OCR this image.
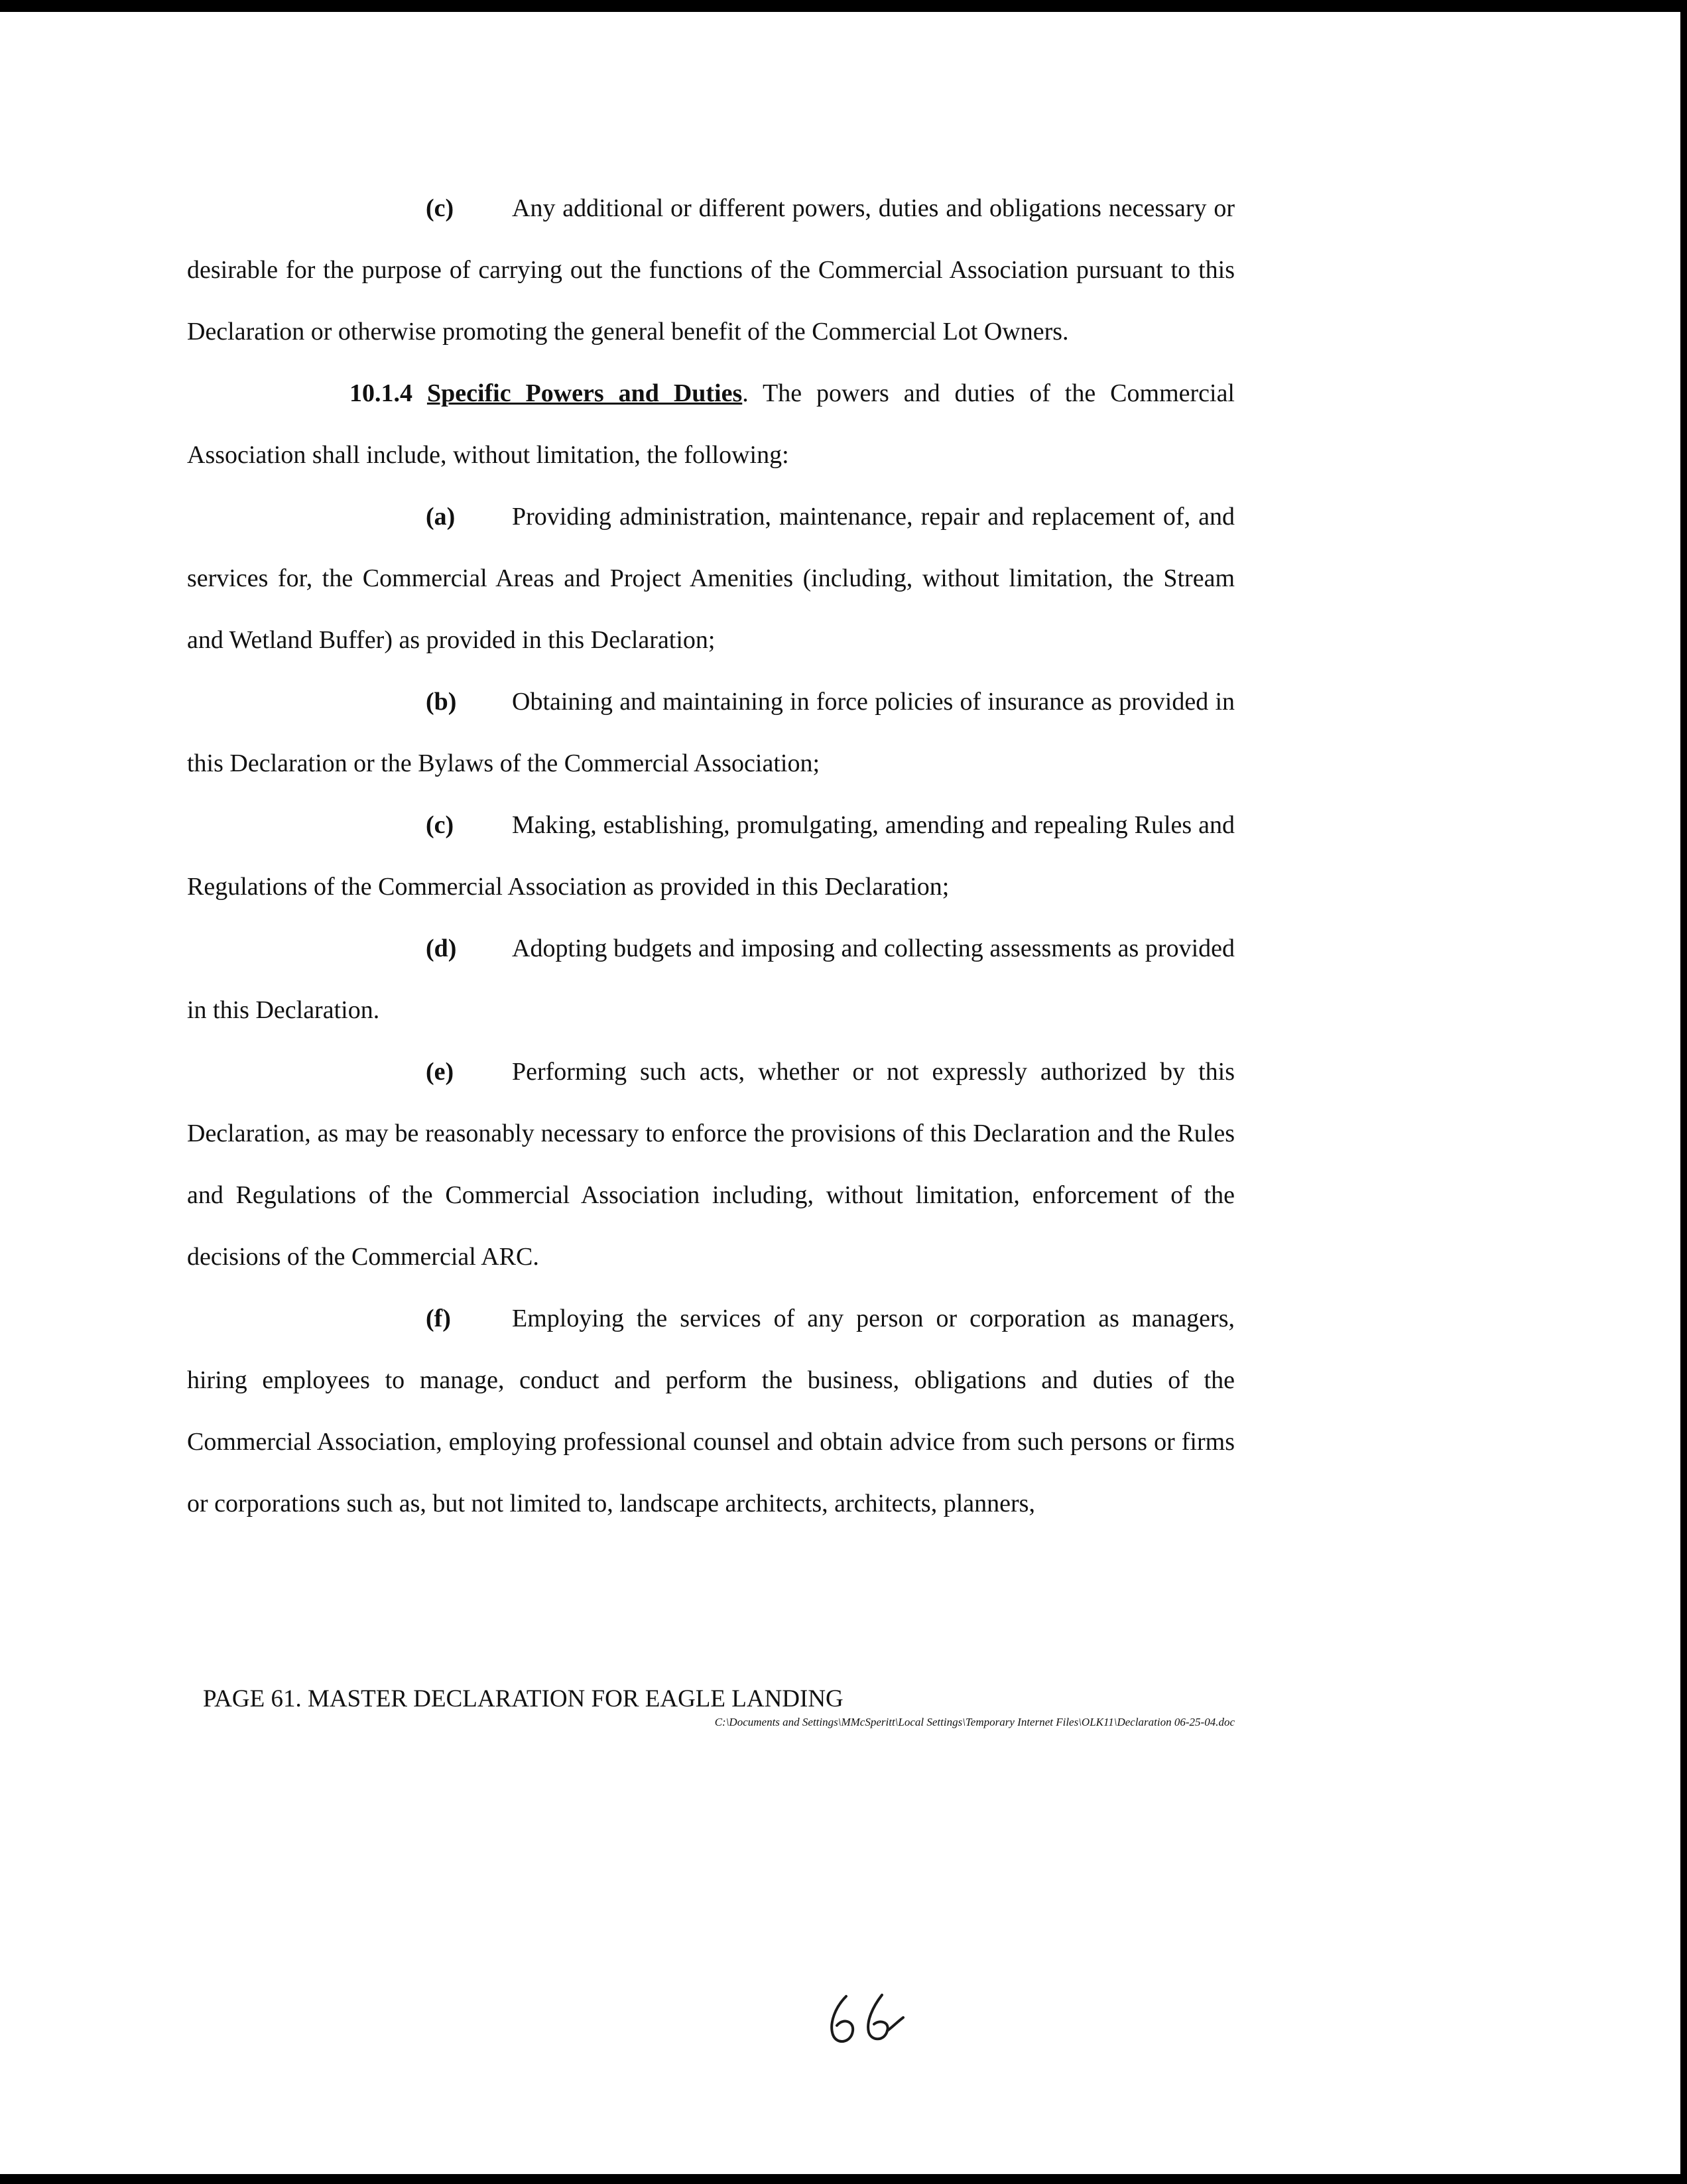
(c) Any additional or different powers, duties and obligations necessary or desirable for the purpose of carrying out the functions of the Commercial Association pursuant to this Declaration or otherwise promoting the general benefit of the Commercial Lot Owners.

10.1.4 Specific Powers and Duties. The powers and duties of the Commercial Association shall include, without limitation, the following:

(a) Providing administration, maintenance, repair and replacement of, and services for, the Commercial Areas and Project Amenities (including, without limitation, the Stream and Wetland Buffer) as provided in this Declaration;

(b) Obtaining and maintaining in force policies of insurance as provided in this Declaration or the Bylaws of the Commercial Association;

(c) Making, establishing, promulgating, amending and repealing Rules and Regulations of the Commercial Association as provided in this Declaration;

(d) Adopting budgets and imposing and collecting assessments as provided in this Declaration.

(e) Performing such acts, whether or not expressly authorized by this Declaration, as may be reasonably necessary to enforce the provisions of this Declaration and the Rules and Regulations of the Commercial Association including, without limitation, enforcement of the decisions of the Commercial ARC.

(f) Employing the services of any person or corporation as managers, hiring employees to manage, conduct and perform the business, obligations and duties of the Commercial Association, employing professional counsel and obtain advice from such persons or firms or corporations such as, but not limited to, landscape architects, architects, planners,

PAGE 61. MASTER DECLARATION FOR EAGLE LANDING
C:\Documents and Settings\MMcSperitt\Local Settings\Temporary Internet Files\OLK11\Declaration 06-25-04.doc
